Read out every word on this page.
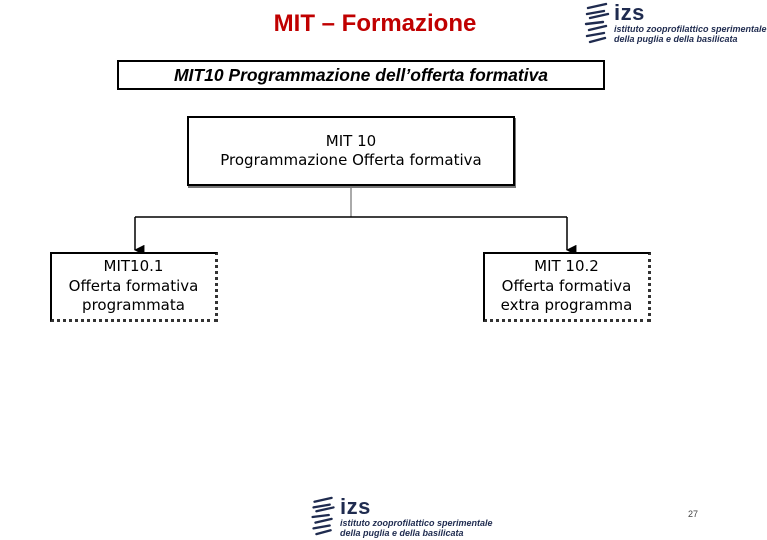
MIT – Formazione	izs
istituto zooprofilattico sperimentale
della puglia e della basilicata
MIT10 Programmazione dell’offerta formativa
MIT 10
Programmazione Offerta formativa
MIT10.1
Offerta formativa
programmata
MIT 10.2
Offerta formativa
extra programma
izs
istituto zooprofilattico sperimentale
della puglia e della basilicata
27
